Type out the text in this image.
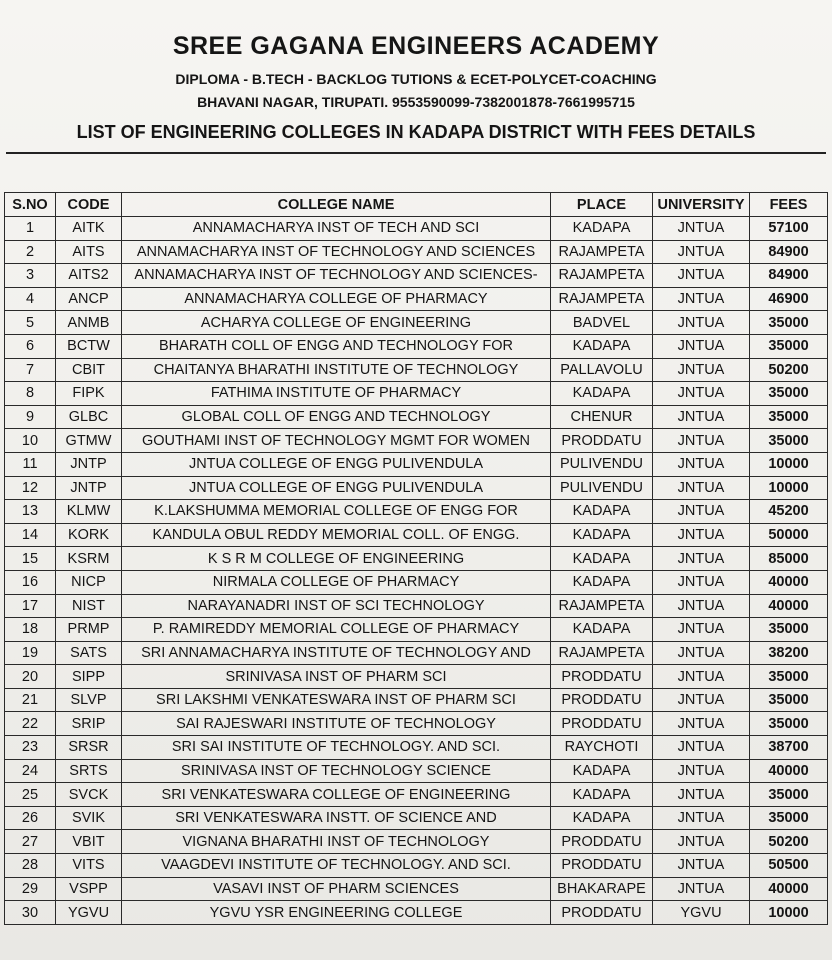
SREE GAGANA ENGINEERS ACADEMY
DIPLOMA - B.TECH - BACKLOG TUTIONS & ECET-POLYCET-COACHING
BHAVANI NAGAR, TIRUPATI. 9553590099-7382001878-7661995715
LIST OF ENGINEERING COLLEGES IN KADAPA DISTRICT WITH FEES DETAILS
S.NO	CODE	COLLEGE NAME	PLACE	UNIVERSITY	FEES
1	AITK	ANNAMACHARYA INST OF TECH AND SCI	KADAPA	JNTUA	57100
2	AITS	ANNAMACHARYA INST OF TECHNOLOGY AND SCIENCES	RAJAMPETA	JNTUA	84900
3	AITS2	ANNAMACHARYA INST OF TECHNOLOGY AND SCIENCES-	RAJAMPETA	JNTUA	84900
4	ANCP	ANNAMACHARYA COLLEGE OF PHARMACY	RAJAMPETA	JNTUA	46900
5	ANMB	ACHARYA COLLEGE OF ENGINEERING	BADVEL	JNTUA	35000
6	BCTW	BHARATH COLL OF ENGG AND TECHNOLOGY FOR	KADAPA	JNTUA	35000
7	CBIT	CHAITANYA BHARATHI INSTITUTE OF TECHNOLOGY	PALLAVOLU	JNTUA	50200
8	FIPK	FATHIMA INSTITUTE OF PHARMACY	KADAPA	JNTUA	35000
9	GLBC	GLOBAL COLL OF ENGG AND TECHNOLOGY	CHENUR	JNTUA	35000
10	GTMW	GOUTHAMI INST OF TECHNOLOGY MGMT FOR WOMEN	PRODDATU	JNTUA	35000
11	JNTP	JNTUA COLLEGE OF ENGG PULIVENDULA	PULIVENDU	JNTUA	10000
12	JNTP	JNTUA COLLEGE OF ENGG PULIVENDULA	PULIVENDU	JNTUA	10000
13	KLMW	K.LAKSHUMMA MEMORIAL COLLEGE OF ENGG FOR	KADAPA	JNTUA	45200
14	KORK	KANDULA OBUL REDDY MEMORIAL COLL. OF ENGG.	KADAPA	JNTUA	50000
15	KSRM	K S R M COLLEGE OF ENGINEERING	KADAPA	JNTUA	85000
16	NICP	NIRMALA COLLEGE OF PHARMACY	KADAPA	JNTUA	40000
17	NIST	NARAYANADRI INST OF SCI TECHNOLOGY	RAJAMPETA	JNTUA	40000
18	PRMP	P. RAMIREDDY MEMORIAL COLLEGE OF PHARMACY	KADAPA	JNTUA	35000
19	SATS	SRI ANNAMACHARYA INSTITUTE OF TECHNOLOGY AND	RAJAMPETA	JNTUA	38200
20	SIPP	SRINIVASA INST OF PHARM SCI	PRODDATU	JNTUA	35000
21	SLVP	SRI LAKSHMI VENKATESWARA INST OF PHARM SCI	PRODDATU	JNTUA	35000
22	SRIP	SAI RAJESWARI INSTITUTE OF TECHNOLOGY	PRODDATU	JNTUA	35000
23	SRSR	SRI SAI INSTITUTE OF TECHNOLOGY. AND SCI.	RAYCHOTI	JNTUA	38700
24	SRTS	SRINIVASA INST OF TECHNOLOGY SCIENCE	KADAPA	JNTUA	40000
25	SVCK	SRI VENKATESWARA COLLEGE OF ENGINEERING	KADAPA	JNTUA	35000
26	SVIK	SRI VENKATESWARA INSTT. OF SCIENCE AND	KADAPA	JNTUA	35000
27	VBIT	VIGNANA BHARATHI INST OF TECHNOLOGY	PRODDATU	JNTUA	50200
28	VITS	VAAGDEVI INSTITUTE OF TECHNOLOGY. AND SCI.	PRODDATU	JNTUA	50500
29	VSPP	VASAVI INST OF PHARM SCIENCES	BHAKARAPE	JNTUA	40000
30	YGVU	YGVU YSR ENGINEERING COLLEGE	PRODDATU	YGVU	10000
